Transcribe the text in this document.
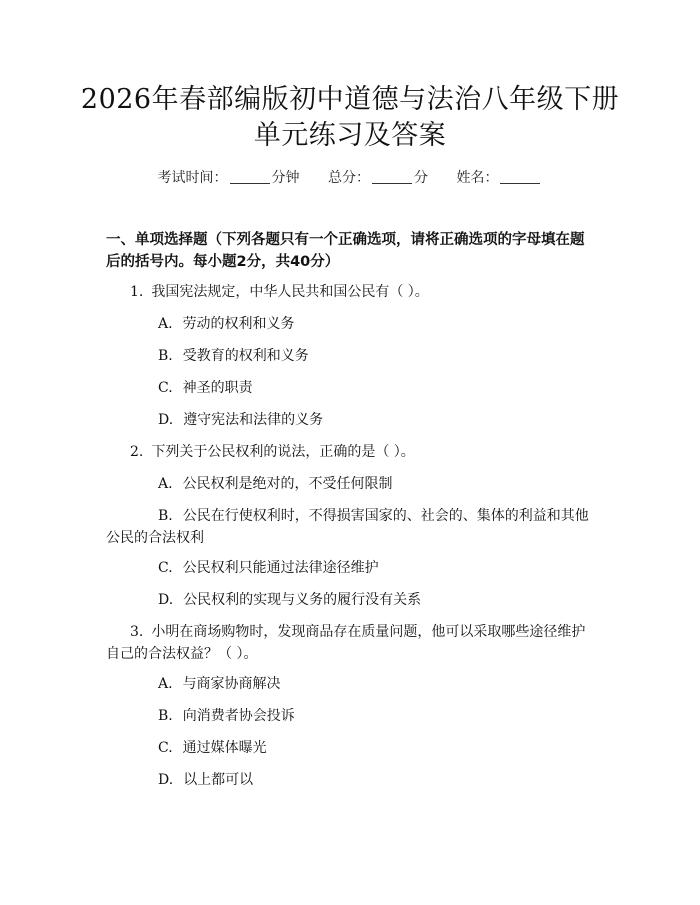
2026年春部编版初中道德与法治八年级下册
单元练习及答案
考试时间：	分钟 总分：	分 姓名：
一、单项选择题（下列各题只有一个正确选项，请将正确选项的字母填在题后的括号内。每小题2分，共40分）
1. 我国宪法规定，中华人民共和国公民有（ ）。
A. 劳动的权利和义务
B. 受教育的权利和义务
C. 神圣的职责
D. 遵守宪法和法律的义务
2. 下列关于公民权利的说法，正确的是（ ）。
A. 公民权利是绝对的，不受任何限制
B. 公民在行使权利时，不得损害国家的、社会的、集体的利益和其他公民的合法权利
C. 公民权利只能通过法律途径维护
D. 公民权利的实现与义务的履行没有关系
3. 小明在商场购物时，发现商品存在质量问题，他可以采取哪些途径维护自己的合法权益？（ ）。
A. 与商家协商解决
B. 向消费者协会投诉
C. 通过媒体曝光
D. 以上都可以
